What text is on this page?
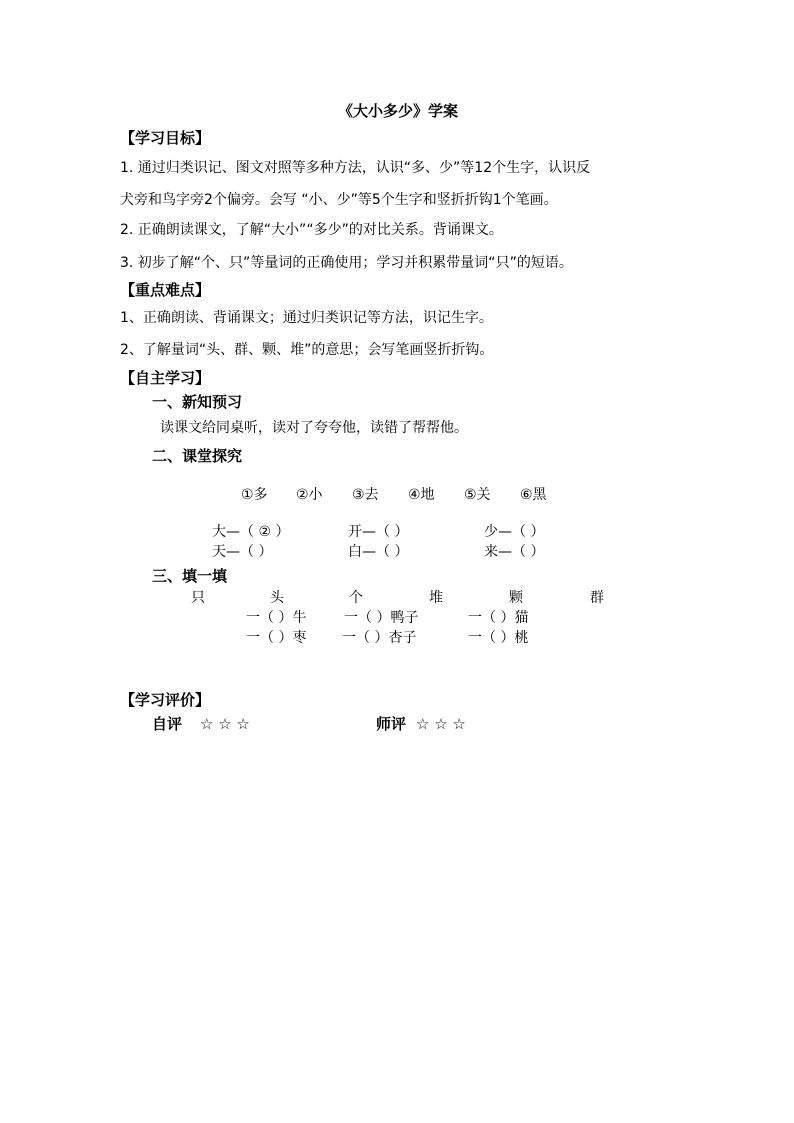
《大小多少》学案
【学习目标】
1. 通过归类识记、图文对照等多种方法，认识“多、少”等12个生字，认识反
犬旁和鸟字旁2个偏旁。会写 “小、少”等5个生字和竖折折钩1个笔画。
2. 正确朗读课文，了解“大小”“多少”的对比关系。背诵课文。
3. 初步了解“个、只”等量词的正确使用；学习并积累带量词“只”的短语。
【重点难点】
1、正确朗读、背诵课文；通过归类识记等方法，识记生字。
2、了解量词“头、群、颗、堆”的意思；会写笔画竖折折钩。
【自主学习】
一、新知预习
读课文给同桌听，读对了夸夸他，读错了帮帮他。
二、课堂探究
①多 ②小 ③去 ④地 ⑤关 ⑥黑
大—（ ② ）	开—（ ）	少—（ ）
天—（ ）	白—（ ）	来—（ ）
三、填一填
只	头	个	堆	颗	群
一（ ）牛	一（ ）鸭子	一（ ）猫
一（ ）枣	一（ ）杏子	一（ ）桃
【学习评价】
自评 ☆ ☆ ☆	师评 ☆ ☆ ☆
